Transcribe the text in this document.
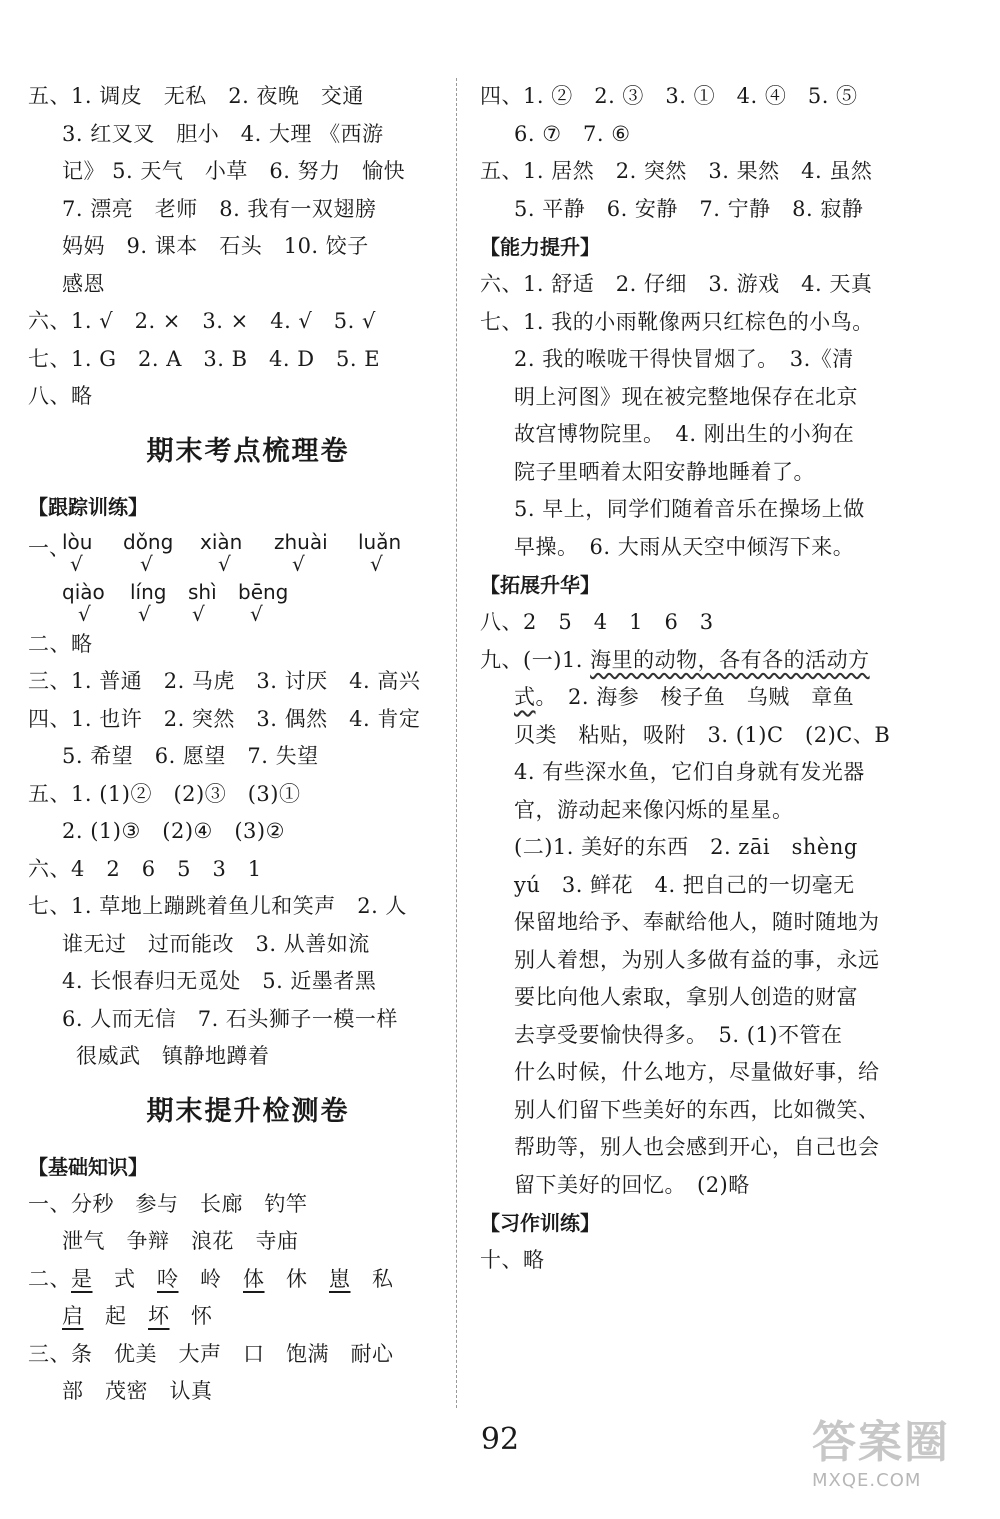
五、1. 调皮　无私　2. 夜晚　交通
3. 红叉叉　胆小　4. 大理 《西游
记》 5. 天气　小草　6. 努力　愉快
7. 漂亮　老师　8. 我有一双翅膀
妈妈　9. 课本　石头　10. 饺子
感恩
六、1. √　2. ×　3. ×　4. √　5. √
七、1. G　2. A　3. B　4. D　5. E
八、略
期末考点梳理卷
【跟踪训练】
一、
lòu
√
dǒng
√
xiàn
√
zhuài
√
luǎn
√
qiào
√
líng
√
shì
√
bēng
√
二、略
三、1. 普通　2. 马虎　3. 讨厌　4. 高兴
四、1. 也许　2. 突然　3. 偶然　4. 肯定
5. 希望　6. 愿望　7. 失望
五、1. (1)②　(2)③　(3)①
2. (1)③　(2)④　(3)②
六、4　2　6　5　3　1
七、1. 草地上蹦跳着鱼儿和笑声　2. 人
谁无过　过而能改　3. 从善如流
4. 长恨春归无觅处　5. 近墨者黑
6. 人而无信　7. 石头狮子一模一样
很威武　镇静地蹲着
期末提升检测卷
【基础知识】
一、分秒　参与　长廊　钓竿
泄气　争辩　浪花　寺庙
二、是　 式　 呤　 岭　 体　 休　 崽　 私
启　 起　 坏　 怀
三、条　优美　大声　口　饱满　耐心
部　茂密　认真
四、1. ②　2. ③　3. ①　4. ④　5. ⑤
6. ⑦　7. ⑥
五、1. 居然　2. 突然　3. 果然　4. 虽然
5. 平静　6. 安静　7. 宁静　8. 寂静
【能力提升】
六、1. 舒适　2. 仔细　3. 游戏　4. 天真
七、1. 我的小雨靴像两只红棕色的小鸟。
2. 我的喉咙干得快冒烟了。　3.《清
明上河图》现在被完整地保存在北京
故宫博物院里。　4. 刚出生的小狗在
院子里晒着太阳安静地睡着了。
5. 早上，同学们随着音乐在操场上做
早操。　6. 大雨从天空中倾泻下来。
【拓展升华】
八、2　5　4　1　6　3
九、(一)1. 海里的动物，各有各的活动方
式。　2. 海参　梭子鱼　乌贼　章鱼
贝类　粘贴，吸附　3. (1)C　(2)C、B
4. 有些深水鱼，它们自身就有发光器
官，游动起来像闪烁的星星。
(二)1. 美好的东西　2. zāi　shèng
yú　3. 鲜花　4. 把自己的一切毫无
保留地给予、奉献给他人，随时随地为
别人着想，为别人多做有益的事，永远
要比向他人索取，拿别人创造的财富
去享受要愉快得多。　5. (1)不管在
什么时候，什么地方，尽量做好事，给
别人们留下些美好的东西，比如微笑、
帮助等，别人也会感到开心，自己也会
留下美好的回忆。　(2)略
【习作训练】
十、略
92	答案圈
MXQE.COM
